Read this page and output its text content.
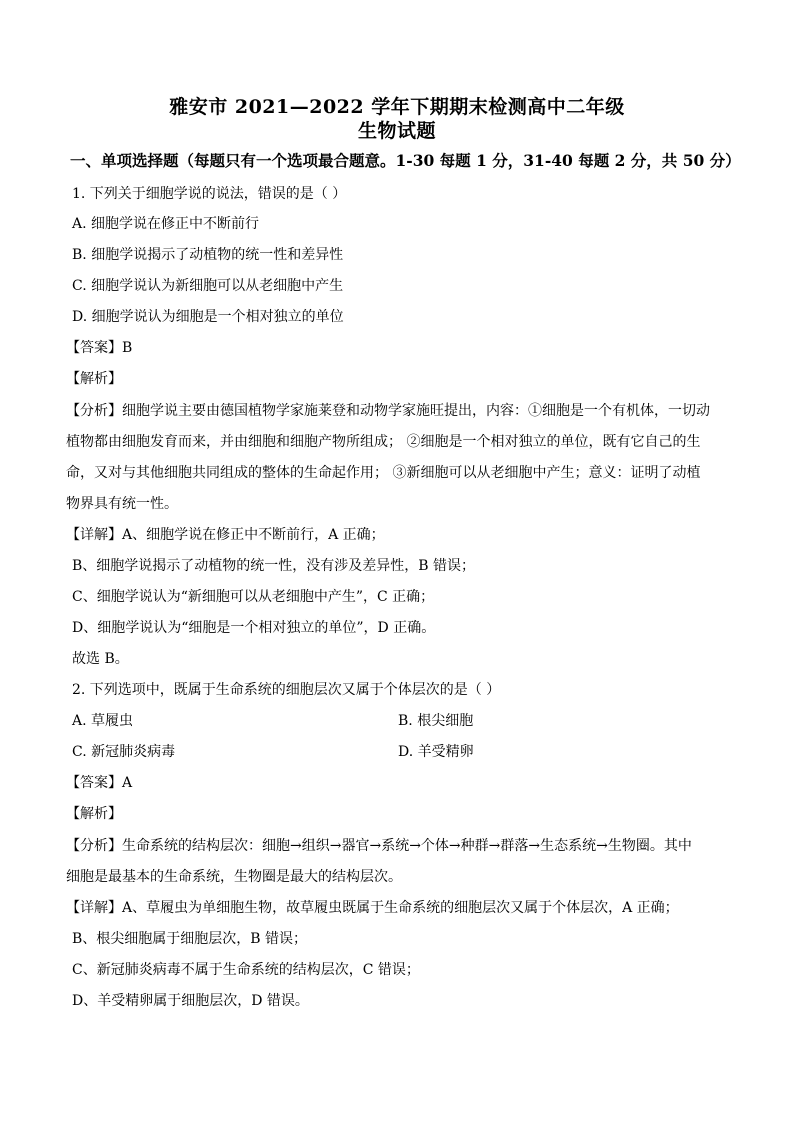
雅安市 2021—2022 学年下期期末检测高中二年级
生物试题
一、单项选择题（每题只有一个选项最合题意。1-30 每题 1 分，31-40 每题 2 分，共 50 分）
1. 下列关于细胞学说的说法，错误的是（ ）
A. 细胞学说在修正中不断前行
B. 细胞学说揭示了动植物的统一性和差异性
C. 细胞学说认为新细胞可以从老细胞中产生
D. 细胞学说认为细胞是一个相对独立的单位
【答案】B
【解析】
【分析】细胞学说主要由德国植物学家施莱登和动物学家施旺提出，内容：①细胞是一个有机体，一切动
植物都由细胞发育而来，并由细胞和细胞产物所组成； ②细胞是一个相对独立的单位，既有它自己的生
命，又对与其他细胞共同组成的整体的生命起作用； ③新细胞可以从老细胞中产生；意义：证明了动植
物界具有统一性。
【详解】A、细胞学说在修正中不断前行，A 正确；
B、细胞学说揭示了动植物的统一性，没有涉及差异性，B 错误；
C、细胞学说认为“新细胞可以从老细胞中产生”，C 正确；
D、细胞学说认为“细胞是一个相对独立的单位”，D 正确。
故选 B。
2. 下列选项中，既属于生命系统的细胞层次又属于个体层次的是（ ）
A. 草履虫	B. 根尖细胞
C. 新冠肺炎病毒	D. 羊受精卵
【答案】A
【解析】
【分析】生命系统的结构层次：细胞→组织→器官→系统→个体→种群→群落→生态系统→生物圈。其中
细胞是最基本的生命系统，生物圈是最大的结构层次。
【详解】A、草履虫为单细胞生物，故草履虫既属于生命系统的细胞层次又属于个体层次，A 正确；
B、根尖细胞属于细胞层次，B 错误；
C、新冠肺炎病毒不属于生命系统的结构层次，C 错误；
D、羊受精卵属于细胞层次，D 错误。
